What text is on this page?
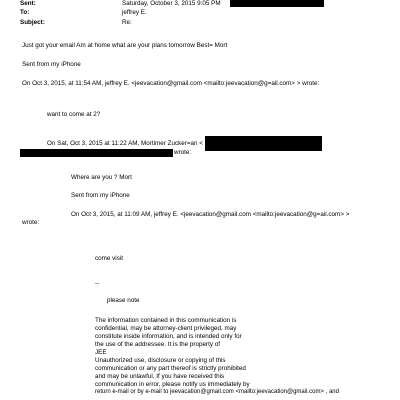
Sent:	Saturday, October 3, 2015 9:05 PM
To:	jeffrey E.
Subject:	Re:
Just got your email Am at home what are your plans tomorrow Best= Mort
Sent from my iPhone
On Oct 3, 2015, at 11:54 AM, jeffrey E. <jeevacation@gmail.com <mailto:jeevacation@g=ail.com> > wrote:
want to come at 2?
On Sat, Oct 3, 2015 at 11:22 AM, Mortimer Zucker=an <
wrote:
Where are you ? Mort
Sent from my iPhone
On Oct 3, 2015, at 11:09 AM, jeffrey E. <jeevacation@gmail.com <mailto:jeevacation@g=ail.com> >
wrote:
come visit
--
please note
The information contained in this communication is
confidential, may be attorney-client privileged, may
constitute inside information, and is intended only for
the use of the addressee. It is the property of
JEE
Unauthorized use, disclosure or copying of this
communication or any part thereof is strictly prohibited
and may be unlawful. If you have received this
communication in error, please notify us immediately by
return e-mail or by e-mail to jeevacation@gmail.com <mailto:jeevacation@gmail.com> , and
